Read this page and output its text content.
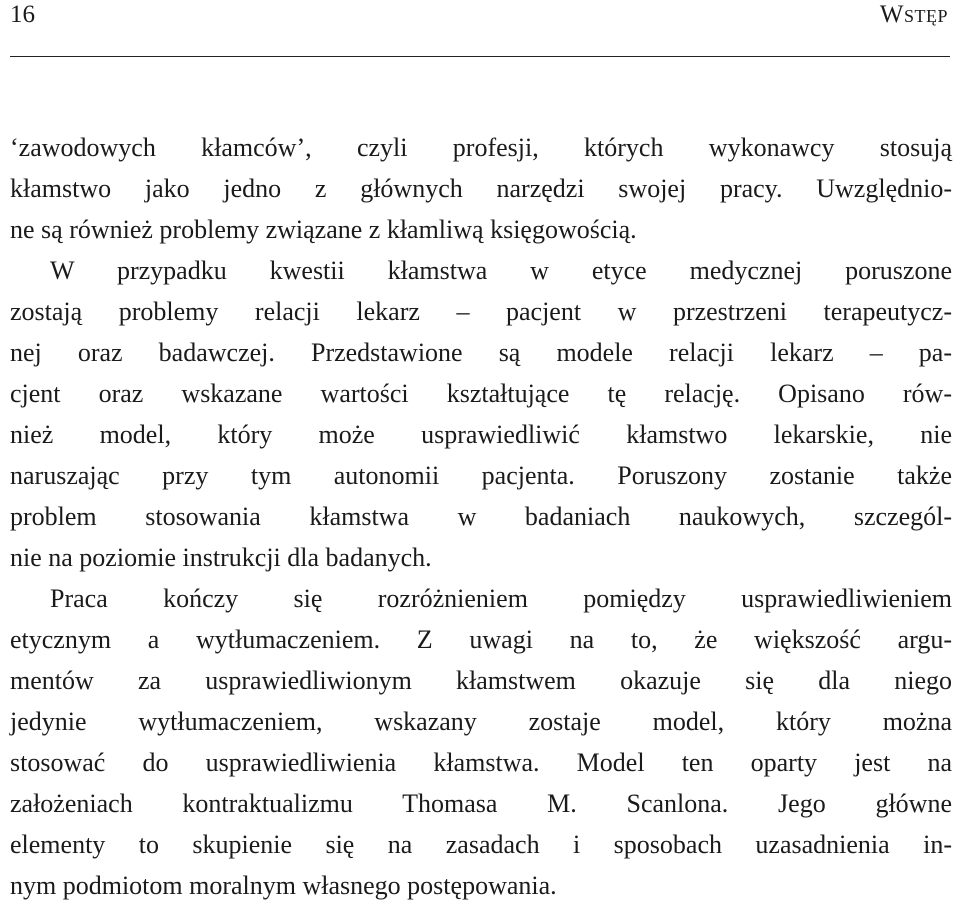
16	Wstęp
‘zawodowych kłamców’, czyli profesji, których wykonawcy stosują
kłamstwo jako jedno z głównych narzędzi swojej pracy. Uwzględnio-
ne są również problemy związane z kłamliwą księgowością.
W przypadku kwestii kłamstwa w etyce medycznej poruszone
zostają problemy relacji lekarz – pacjent w przestrzeni terapeutycz-
nej oraz badawczej. Przedstawione są modele relacji lekarz – pa-
cjent oraz wskazane wartości kształtujące tę relację. Opisano rów-
nież model, który może usprawiedliwić kłamstwo lekarskie, nie
naruszając przy tym autonomii pacjenta. Poruszony zostanie także
problem stosowania kłamstwa w badaniach naukowych, szczegól-
nie na poziomie instrukcji dla badanych.
Praca kończy się rozróżnieniem pomiędzy usprawiedliwieniem
etycznym a wytłumaczeniem. Z uwagi na to, że większość argu-
mentów za usprawiedliwionym kłamstwem okazuje się dla niego
jedynie wytłumaczeniem, wskazany zostaje model, który można
stosować do usprawiedliwienia kłamstwa. Model ten oparty jest na
założeniach kontraktualizmu Thomasa M. Scanlona. Jego główne
elementy to skupienie się na zasadach i sposobach uzasadnienia in-
nym podmiotom moralnym własnego postępowania.
